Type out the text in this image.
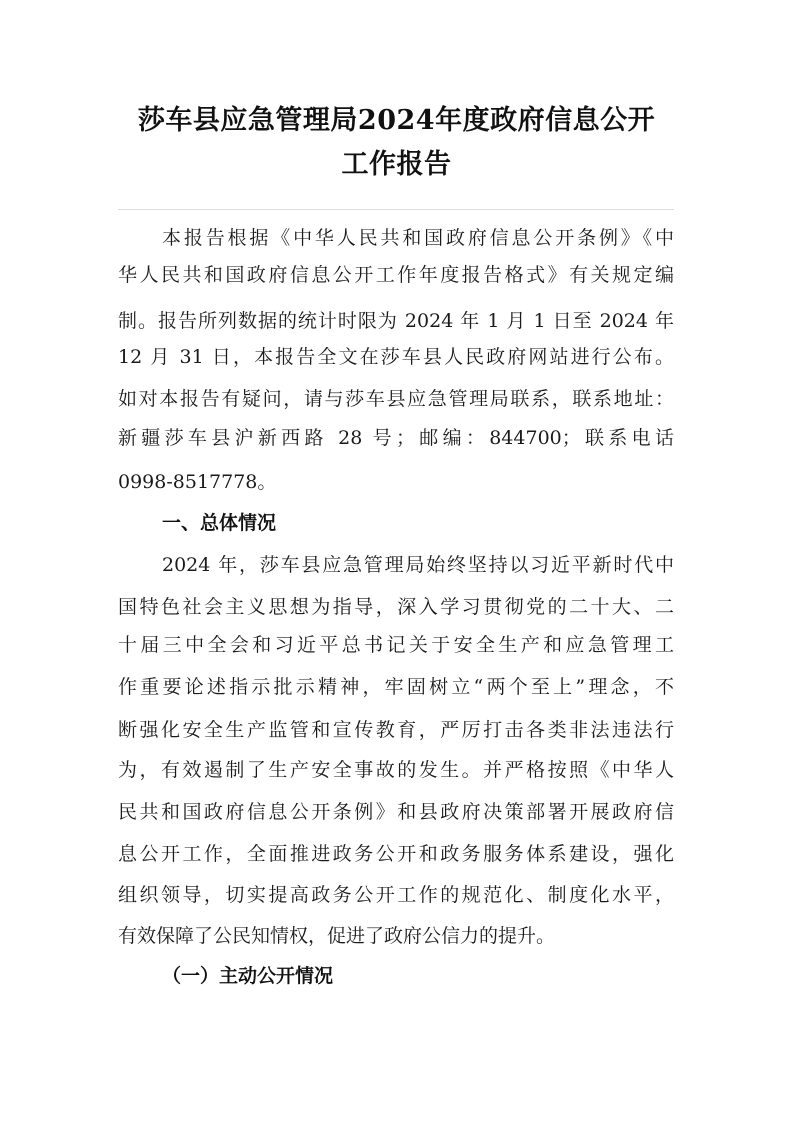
莎车县应急管理局2024年度政府信息公开
工作报告
本报告根据《中华人民共和国政府信息公开条例》《中
华人民共和国政府信息公开工作年度报告格式》有关规定编
制。报告所列数据的统计时限为 2024 年 1 月 1 日至 2024 年
12 月 31 日，本报告全文在莎车县人民政府网站进行公布。
如对本报告有疑问，请与莎车县应急管理局联系，联系地址：
新疆莎车县沪新西路 28 号；邮编：844700；联系电话
0998-8517778。
一、总体情况
2024 年，莎车县应急管理局始终坚持以习近平新时代中
国特色社会主义思想为指导，深入学习贯彻党的二十大、二
十届三中全会和习近平总书记关于安全生产和应急管理工
作重要论述指示批示精神，牢固树立“两个至上”理念，不
断强化安全生产监管和宣传教育，严厉打击各类非法违法行
为，有效遏制了生产安全事故的发生。并严格按照《中华人
民共和国政府信息公开条例》和县政府决策部署开展政府信
息公开工作，全面推进政务公开和政务服务体系建设，强化
组织领导，切实提高政务公开工作的规范化、制度化水平，
有效保障了公民知情权，促进了政府公信力的提升。
（一）主动公开情况
